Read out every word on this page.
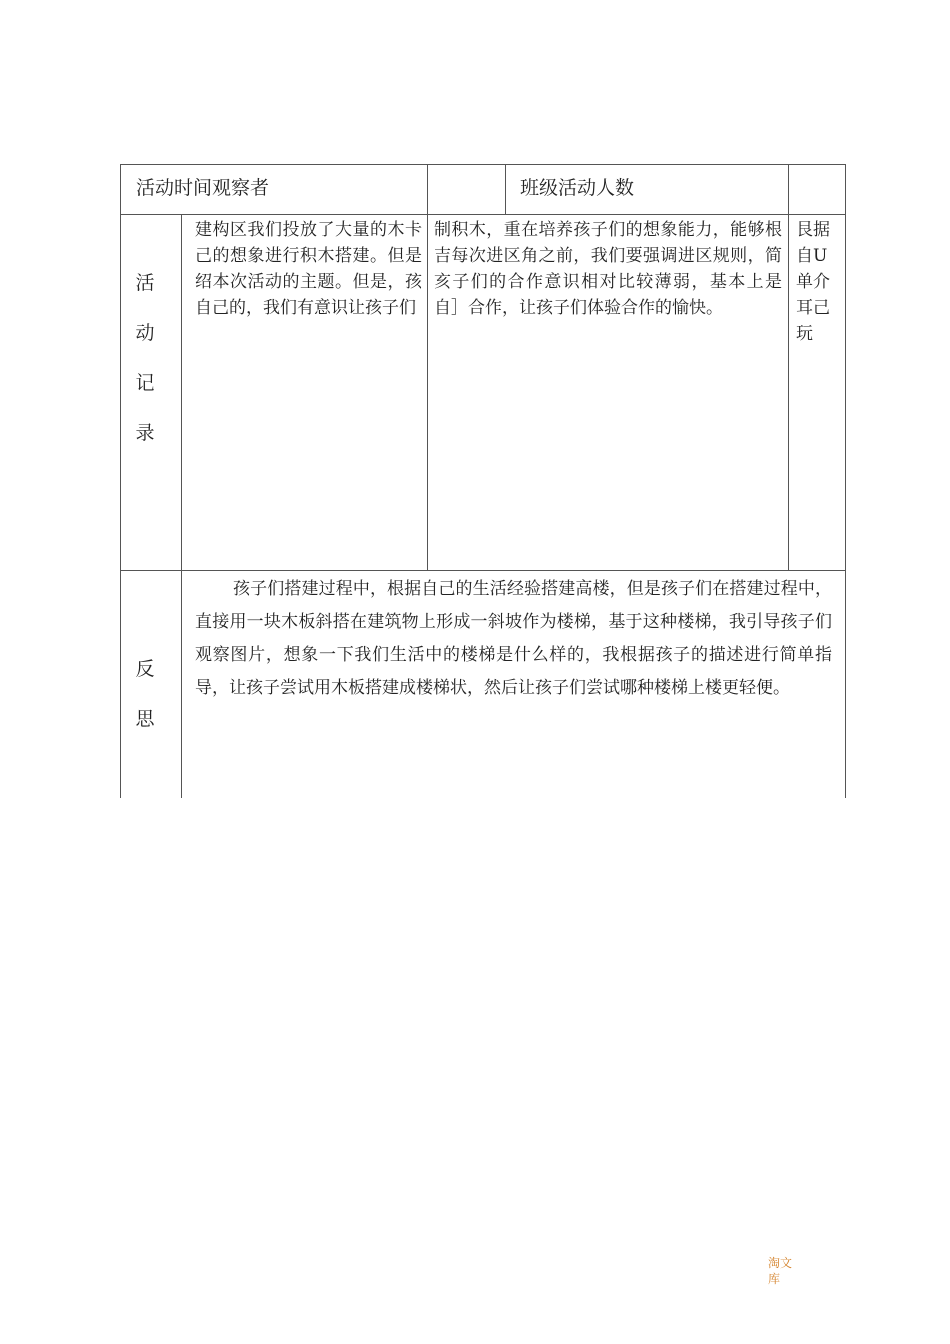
活动时间观察者	班级活动人数
活
动
记
录
建构区我们投放了大量的木卡己的想象进行积木搭建。但是绍本次活动的主题。但是，孩自己的，我们有意识让孩子们
制积木，重在培养孩子们的想象能力，能够根吉每次进区角之前，我们要强调进区规则，简亥子们的合作意识相对比较薄弱，基本上是自］合作，让孩子们体验合作的愉快。
艮据自U单介耳己玩
反
思
孩子们搭建过程中，根据自己的生活经验搭建高楼，但是孩子们在搭建过程中，直接用一块木板斜搭在建筑物上形成一斜坡作为楼梯，基于这种楼梯，我引导孩子们观察图片，想象一下我们生活中的楼梯是什么样的，我根据孩子的描述进行简单指导，让孩子尝试用木板搭建成楼梯状，然后让孩子们尝试哪种楼梯上楼更轻便。
淘文库
